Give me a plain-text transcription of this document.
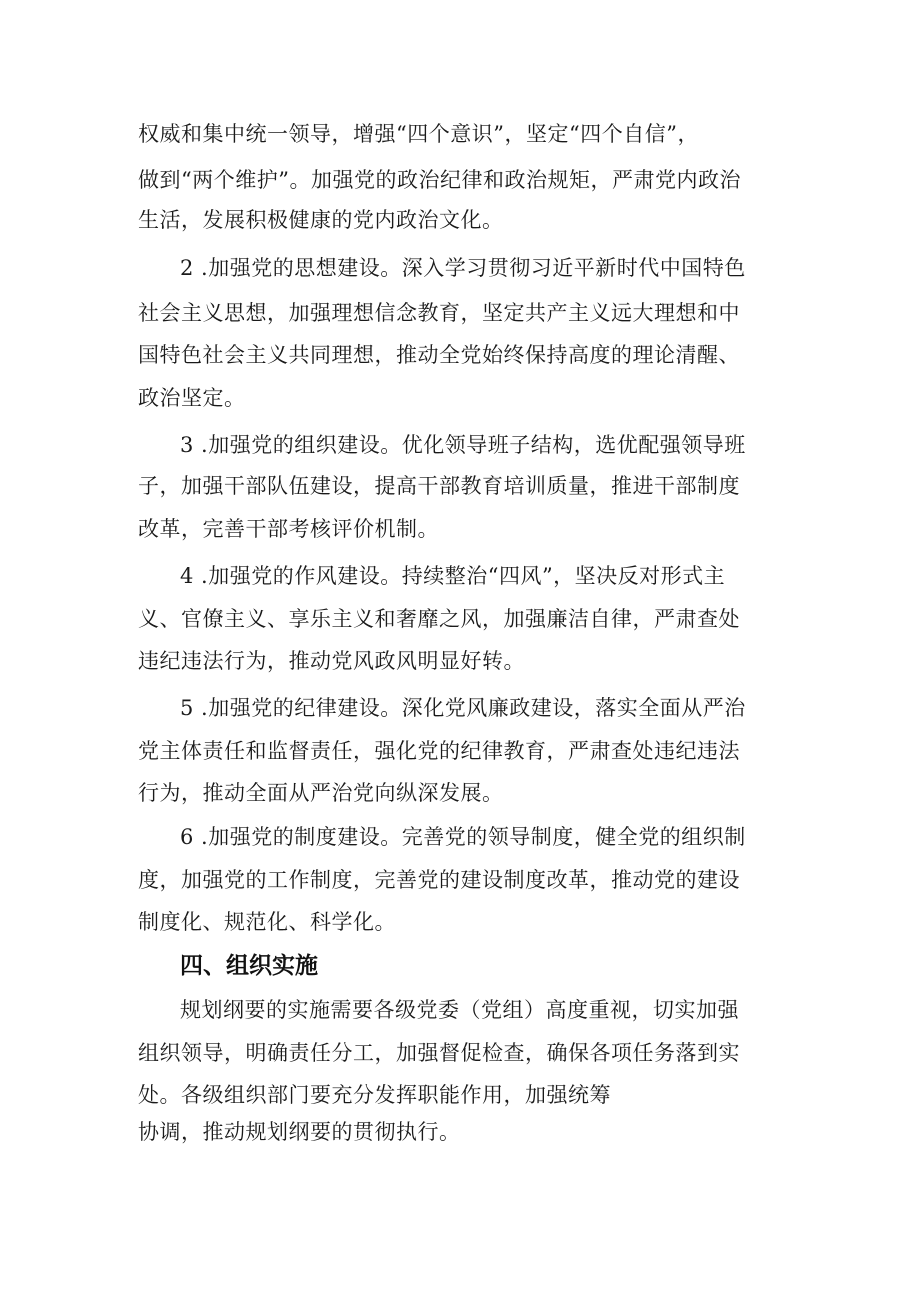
权威和集中统一领导，增强“四个意识”，坚定“四个自信”，
做到“两个维护”。加强党的政治纪律和政治规矩，严肃党内政治
生活，发展积极健康的党内政治文化。
2 .加强党的思想建设。深入学习贯彻习近平新时代中国特色
社会主义思想，加强理想信念教育，坚定共产主义远大理想和中
国特色社会主义共同理想，推动全党始终保持高度的理论清醒、
政治坚定。
3 .加强党的组织建设。优化领导班子结构，选优配强领导班
子，加强干部队伍建设，提高干部教育培训质量，推进干部制度
改革，完善干部考核评价机制。
4 .加强党的作风建设。持续整治“四风”，坚决反对形式主
义、官僚主义、享乐主义和奢靡之风，加强廉洁自律，严肃查处
违纪违法行为，推动党风政风明显好转。
5 .加强党的纪律建设。深化党风廉政建设，落实全面从严治
党主体责任和监督责任，强化党的纪律教育，严肃查处违纪违法
行为，推动全面从严治党向纵深发展。
6 .加强党的制度建设。完善党的领导制度，健全党的组织制
度，加强党的工作制度，完善党的建设制度改革，推动党的建设
制度化、规范化、科学化。
四、组织实施
规划纲要的实施需要各级党委（党组）高度重视，切实加强
组织领导，明确责任分工，加强督促检查，确保各项任务落到实
处。各级组织部门要充分发挥职能作用，加强统筹
协调，推动规划纲要的贯彻执行。
